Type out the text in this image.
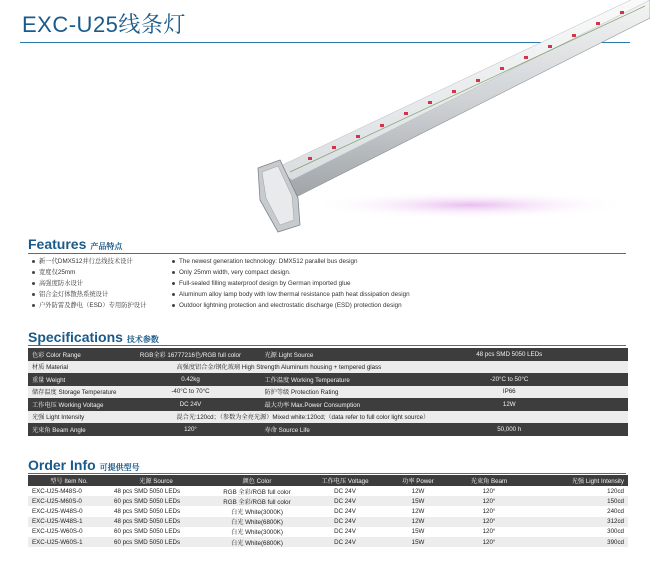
EXC-U25线条灯
Features 产品特点
新一代DMX512并行总线技术设计
宽度仅25mm
高强度防水设计
铝合金灯体散热系统设计
户外防雷及静电（ESD）专用防护设计
The newest generation technology: DMX512 parallel bus design
Only 25mm width, very compact design.
Full-sealed filling waterproof design by German imported glue
Aluminum alloy lamp body with low thermal resistance path heat dissipation design
Outdoor lightning protection and electrostatic discharge (ESD) protection design
Specifications 技术参数
色彩 Color Range	RGB全彩 16777216色/RGB full color	光源 Light Source	48 pcs SMD 5050 LEDs
材质 Material	高强度铝合金/钢化玻璃 High Strength Aluminum housing + tempered glass		
重量 Weight	0.42kg	工作温度 Working Temperature	-20°C to 50°C
储存温度 Storage Temperature	-40°C to 70°C	防护等级 Protection Rating	IP66
工作电压 Working Voltage	DC 24V	最大功率 Max.Power Consumption	12W
光强 Light Intensity	混合光:120cd；（参数为全亮光源）Mixed white:120cd;（data refer to full color light source）		
光束角 Beam Angle	120°	寿命 Source Life	50,000 h
Order Info 可提供型号
型号 Item No.	光源 Source	颜色 Color	工作电压 Voltage	功率 Power	光束角 Beam	光强 Light Intensity
EXC-U25-M48S-0	48 pcs SMD 5050 LEDs	RGB 全彩/RGB full color	DC 24V	12W	120°	120cd
EXC-U25-M60S-0	60 pcs SMD 5050 LEDs	RGB 全彩/RGB full color	DC 24V	15W	120°	150cd
EXC-U25-W48S-0	48 pcs SMD 5050 LEDs	白光 White(3000K)	DC 24V	12W	120°	240cd
EXC-U25-W48S-1	48 pcs SMD 5050 LEDs	白光 White(6800K)	DC 24V	12W	120°	312cd
EXC-U25-W60S-0	60 pcs SMD 5050 LEDs	白光 White(3000K)	DC 24V	15W	120°	300cd
EXC-U25-W60S-1	60 pcs SMD 5050 LEDs	白光 White(6800K)	DC 24V	15W	120°	390cd
